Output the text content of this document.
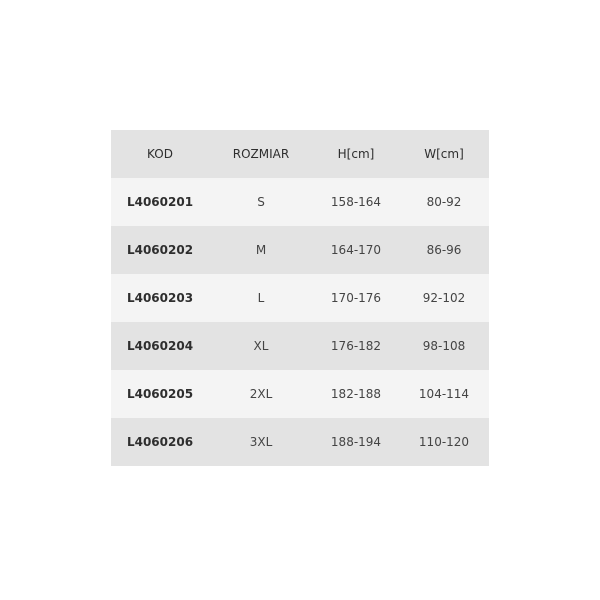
KOD	ROZMIAR	H[cm]	W[cm]
L4060201	S	158-164	80-92
L4060202	M	164-170	86-96
L4060203	L	170-176	92-102
L4060204	XL	176-182	98-108
L4060205	2XL	182-188	104-114
L4060206	3XL	188-194	110-120
